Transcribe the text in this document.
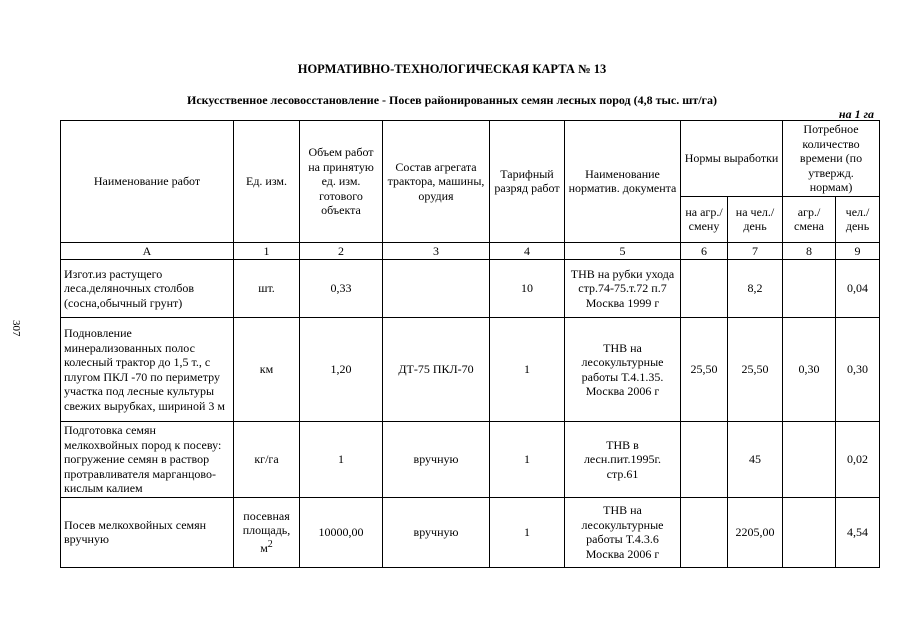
НОРМАТИВНО-ТЕХНОЛОГИЧЕСКАЯ КАРТА № 13
Искусственное лесовосстановление - Посев районированных семян лесных пород (4,8 тыс. шт/га)
на 1 га
307
Наименование работ	Ед. изм.	Объем работ на принятую ед. изм. готового объекта	Состав агрегата трактора, машины, орудия	Тарифный разряд работ	Наименование норматив. документа	Нормы выработки		Потребное количество времени (по утвержд. нормам)	
						на агр./ смену	на чел./ день	агр./ смена	чел./ день
А	1	2	3	4	5	6	7	8	9
Изгот.из растущего леса.деляночных столбов (сосна,обычный грунт)	шт.	0,33		10	ТНВ на рубки ухода стр.74-75.т.72 п.7 Москва 1999 г		8,2		0,04
Подновление минерализованных полос колесный трактор до 1,5 т., с плугом ПКЛ -70 по периметру участка под лесные культуры свежих вырубках, шириной 3 м	км	1,20	ДТ-75 ПКЛ-70	1	ТНВ на лесокультурные работы Т.4.1.35. Москва 2006 г	25,50	25,50	0,30	0,30
Подготовка семян мелкохвойных пород к посеву: погружение семян в раствор протравливателя марганцово-кислым калием	кг/га	1	вручную	1	ТНВ в лесн.пит.1995г. стр.61		45		0,02
Посев мелкохвойных семян вручную	посевная площадь, $м^2$	10000,00	вручную	1	ТНВ на лесокультурные работы Т.4.3.6 Москва 2006 г		2205,00		4,54
